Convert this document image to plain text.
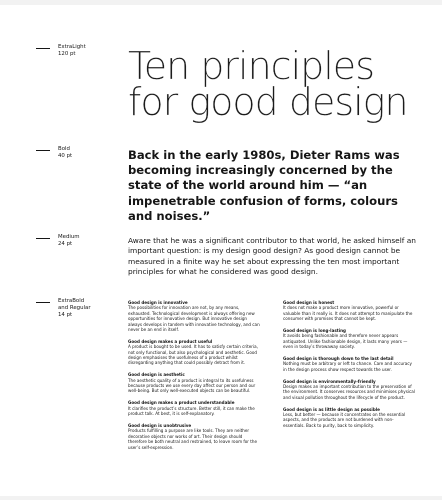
ExtraLight
120 pt
Bold
40 pt
Medium
24 pt
ExtraBold
and Regular
14 pt
Ten principles
for good design
Back in the early 1980s, Dieter Rams was becoming increasingly concerned by the state of the world around him — “an impenetrable confusion of forms, colours and noises.”
Aware that he was a significant contributor to that world, he asked himself an important question: is my design good design? As good design cannot be measured in a finite way he set about expressing the ten most important principles for what he considered was good design.

Good design is innovative

The possibilities for innovation are not, by any means, exhausted. Technological development is always offering new opportunities for innovative design. But innovative design always develops in tandem with innovative technology, and can never be an end in itself.

Good design makes a product useful

A product is bought to be used. It has to satisfy certain criteria, not only functional, but also psychological and aesthetic. Good design emphasises the usefulness of a product whilst disregarding anything that could possibly detract from it.

Good design is aesthetic

The aesthetic quality of a product is integral to its usefulness because products we use every day affect our person and our well-being. But only well-executed objects can be beautiful.

Good design makes a product understandable

It clarifies the product’s structure. Better still, it can make the product talk. At best, it is self-explanatory.

Good design is unobtrusive

Products fulfilling a purpose are like tools. They are neither decorative objects nor works of art. Their design should therefore be both neutral and restrained, to leave room for the user’s self-expression.

Good design is honest

It does not make a product more innovative, powerful or valuable than it really is. It does not attempt to manipulate the consumer with promises that cannot be kept.

Good design is long-lasting

It avoids being fashionable and therefore never appears antiquated. Unlike fashionable design, it lasts many years — even in today’s throwaway society.

Good design is thorough down to the last detail

Nothing must be arbitrary or left to chance. Care and accuracy in the design process show respect towards the user.

Good design is environmentally-friendly

Design makes an important contribution to the preservation of the environment. It conserves resources and minimises physical and visual pollution throughout the lifecycle of the product.

Good design is as little design as possible

Less, but better — because it concentrates on the essential aspects, and the products are not burdened with non-essentials. Back to purity, back to simplicity.
